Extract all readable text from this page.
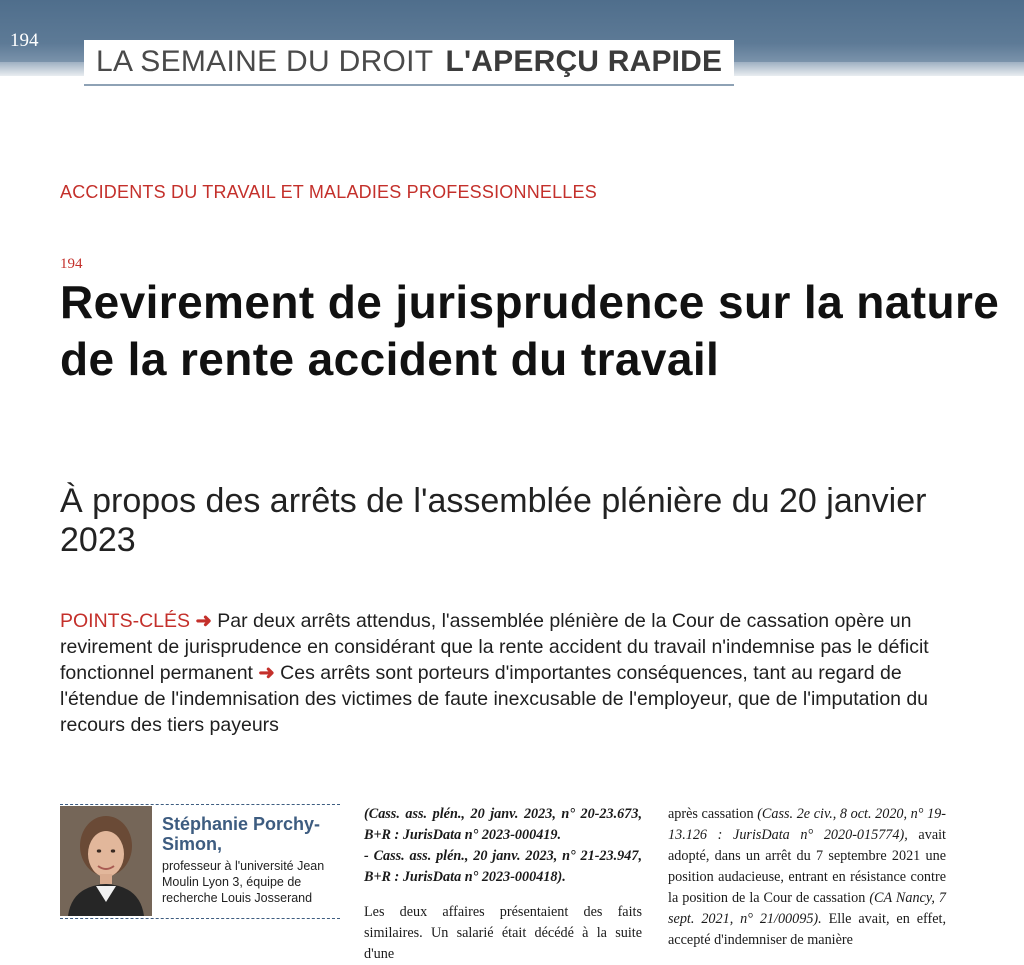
194
LA SEMAINE DU DROIT L'APERÇU RAPIDE
ACCIDENTS DU TRAVAIL ET MALADIES PROFESSIONNELLES
194
Revirement de jurisprudence sur la nature de la rente accident du travail
À propos des arrêts de l'assemblée plénière du 20 janvier 2023
POINTS-CLÉS ➜ Par deux arrêts attendus, l'assemblée plénière de la Cour de cassation opère un revirement de jurisprudence en considérant que la rente accident du travail n'indemnise pas le déficit fonctionnel permanent ➜ Ces arrêts sont porteurs d'importantes conséquences, tant au regard de l'étendue de l'indemnisation des victimes de faute inexcusable de l'employeur, que de l'imputation du recours des tiers payeurs
Stéphanie Porchy-Simon,
professeur à l'université Jean Moulin Lyon 3, équipe de recherche Louis Josserand

(Cass. ass. plén., 20 janv. 2023, n° 20-23.673, B+R : JurisData n° 2023-000419.

- Cass. ass. plén., 20 janv. 2023, n° 21-23.947, B+R : JurisData n° 2023-000418).

Les deux affaires présentaient des faits similaires. Un salarié était décédé à la suite d'une

après cassation (Cass. 2e civ., 8 oct. 2020, n° 19-13.126 : JurisData n° 2020-015774), avait adopté, dans un arrêt du 7 septembre 2021 une position audacieuse, entrant en résistance contre la position de la Cour de cassation (CA Nancy, 7 sept. 2021, n° 21/00095). Elle avait, en effet, accepté d'indemniser de manière
